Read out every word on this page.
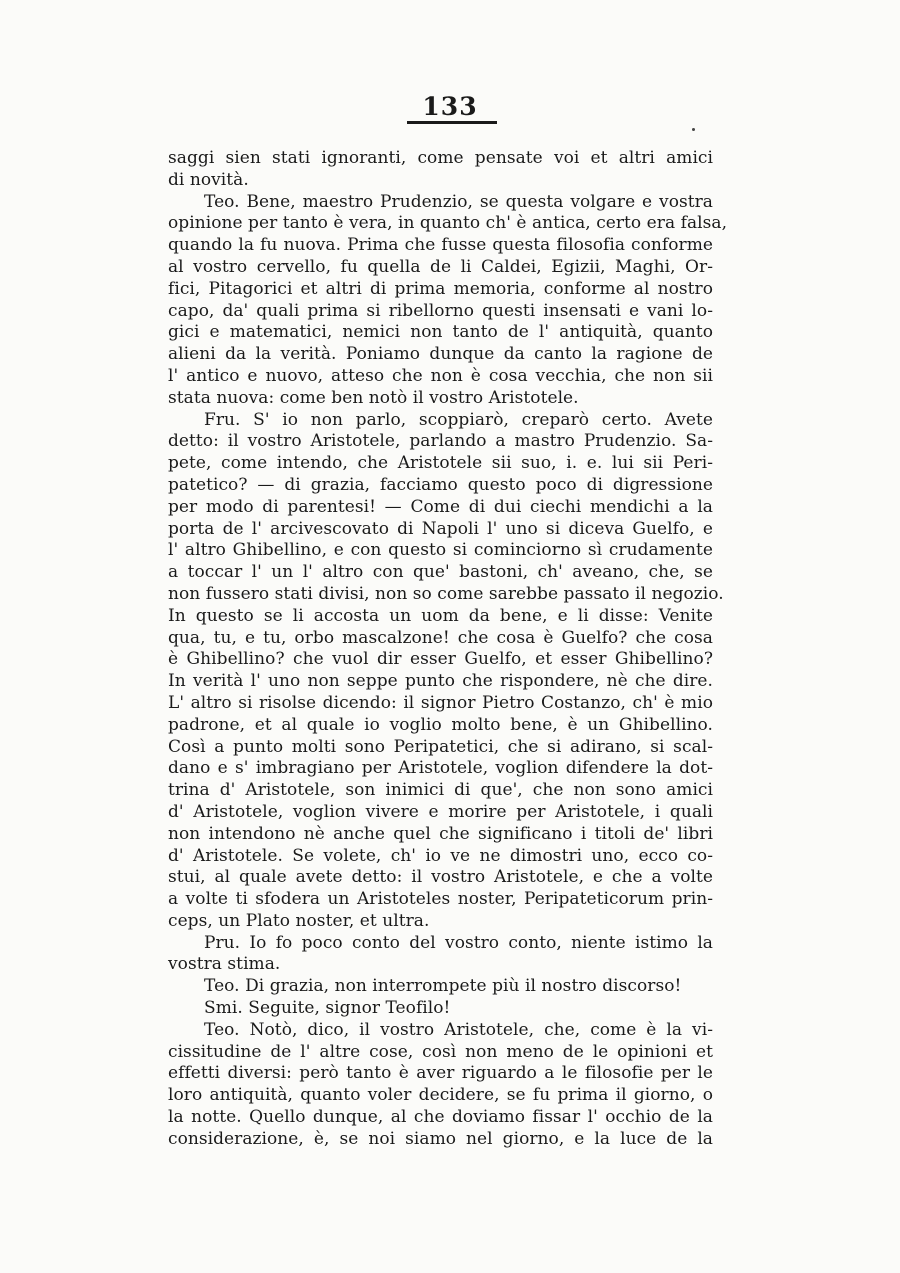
133
saggi sien stati ignoranti, come pensate voi et altri amici
di novità.
Teo. Bene, maestro Prudenzio, se questa volgare e vostra
opinione per tanto è vera, in quanto ch' è antica, certo era falsa,
quando la fu nuova. Prima che fusse questa filosofia conforme
al vostro cervello, fu quella de li Caldei, Egizii, Maghi, Or-
fici, Pitagorici et altri di prima memoria, conforme al nostro
capo, da' quali prima si ribellorno questi insensati e vani lo-
gici e matematici, nemici non tanto de l' antiquità, quanto
alieni da la verità. Poniamo dunque da canto la ragione de
l' antico e nuovo, atteso che non è cosa vecchia, che non sii
stata nuova: come ben notò il vostro Aristotele.
Fru. S' io non parlo, scoppiarò, creparò certo. Avete
detto: il vostro Aristotele, parlando a mastro Prudenzio. Sa-
pete, come intendo, che Aristotele sii suo, i. e. lui sii Peri-
patetico? — di grazia, facciamo questo poco di digressione
per modo di parentesi! — Come di dui ciechi mendichi a la
porta de l' arcivescovato di Napoli l' uno si diceva Guelfo, e
l' altro Ghibellino, e con questo si cominciorno sì crudamente
a toccar l' un l' altro con que' bastoni, ch' aveano, che, se
non fussero stati divisi, non so come sarebbe passato il negozio.
In questo se li accosta un uom da bene, e li disse: Venite
qua, tu, e tu, orbo mascalzone! che cosa è Guelfo? che cosa
è Ghibellino? che vuol dir esser Guelfo, et esser Ghibellino?
In verità l' uno non seppe punto che rispondere, nè che dire.
L' altro si risolse dicendo: il signor Pietro Costanzo, ch' è mio
padrone, et al quale io voglio molto bene, è un Ghibellino.
Così a punto molti sono Peripatetici, che si adirano, si scal-
dano e s' imbragiano per Aristotele, voglion difendere la dot-
trina d' Aristotele, son inimici di que', che non sono amici
d' Aristotele, voglion vivere e morire per Aristotele, i quali
non intendono nè anche quel che significano i titoli de' libri
d' Aristotele. Se volete, ch' io ve ne dimostri uno, ecco co-
stui, al quale avete detto: il vostro Aristotele, e che a volte
a volte ti sfodera un Aristoteles noster, Peripateticorum prin-
ceps, un Plato noster, et ultra.
Pru. Io fo poco conto del vostro conto, niente istimo la
vostra stima.
Teo. Di grazia, non interrompete più il nostro discorso!
Smi. Seguite, signor Teofilo!
Teo. Notò, dico, il vostro Aristotele, che, come è la vi-
cissitudine de l' altre cose, così non meno de le opinioni et
effetti diversi: però tanto è aver riguardo a le filosofie per le
loro antiquità, quanto voler decidere, se fu prima il giorno, o
la notte. Quello dunque, al che doviamo fissar l' occhio de la
considerazione, è, se noi siamo nel giorno, e la luce de la
